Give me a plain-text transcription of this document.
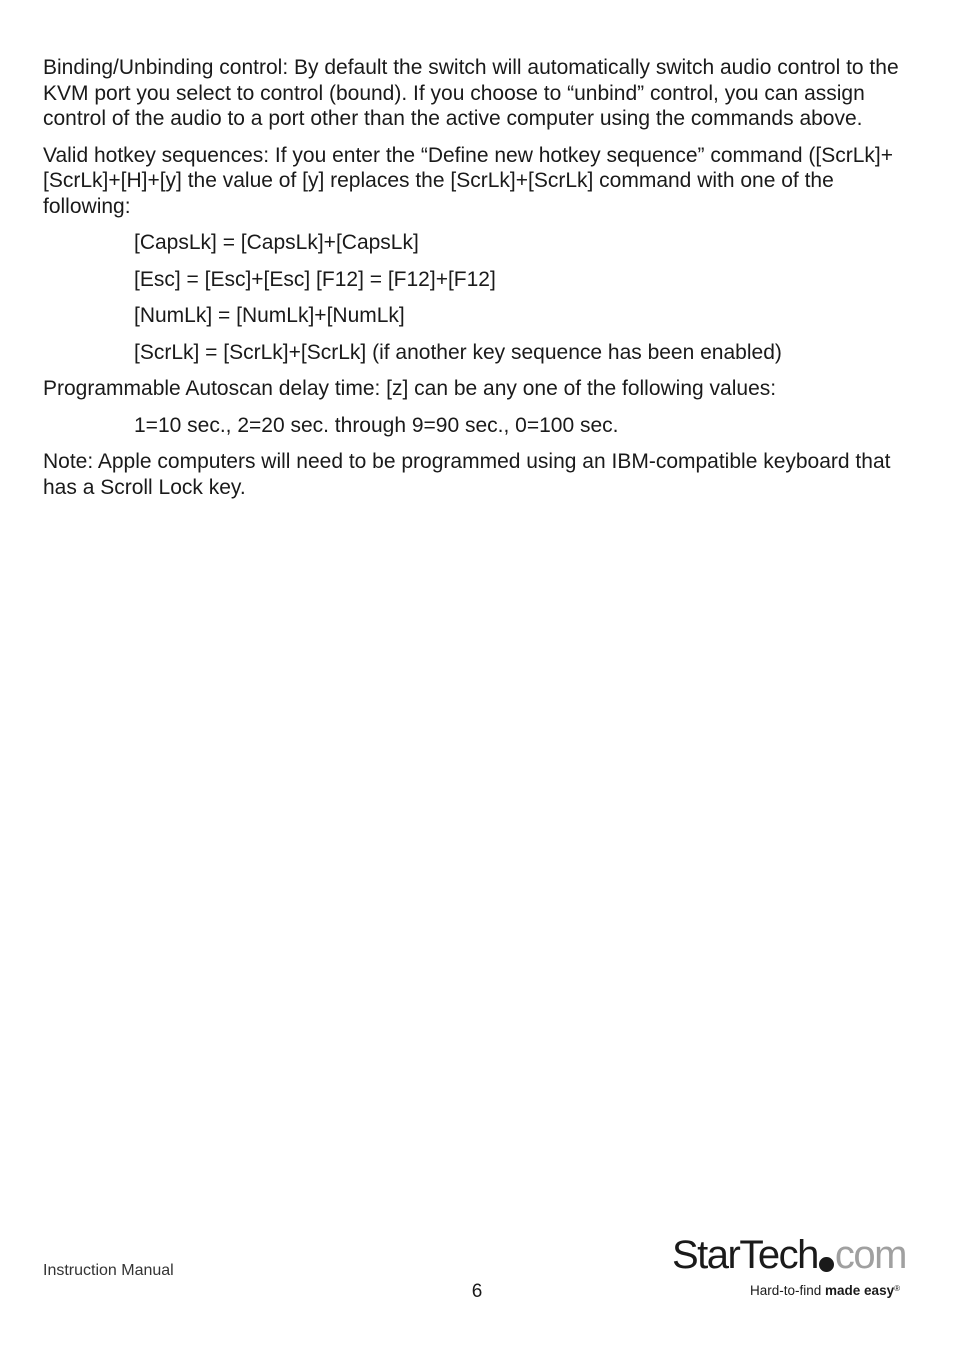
Binding/Unbinding control: By default the switch will automatically switch audio control to the KVM port you select to control (bound). If you choose to “unbind” control, you can assign control of the audio to a port other than the active computer using the commands above.

Valid hotkey sequences: If you enter the “Define new hotkey sequence” command ([ScrLk]+[ScrLk]+[H]+[y] the value of [y] replaces the [ScrLk]+[ScrLk] command with one of the following:

[CapsLk] = [CapsLk]+[CapsLk]

[Esc] = [Esc]+[Esc] [F12] = [F12]+[F12]

[NumLk] = [NumLk]+[NumLk]

[ScrLk] = [ScrLk]+[ScrLk] (if another key sequence has been enabled)

Programmable Autoscan delay time: [z] can be any one of the following values:

1=10 sec., 2=20 sec. through 9=90 sec., 0=100 sec.

Note: Apple computers will need to be programmed using an IBM-compatible keyboard that has a Scroll Lock key.

Instruction Manual
6
StarTech com
Hard-to-find made easy®
